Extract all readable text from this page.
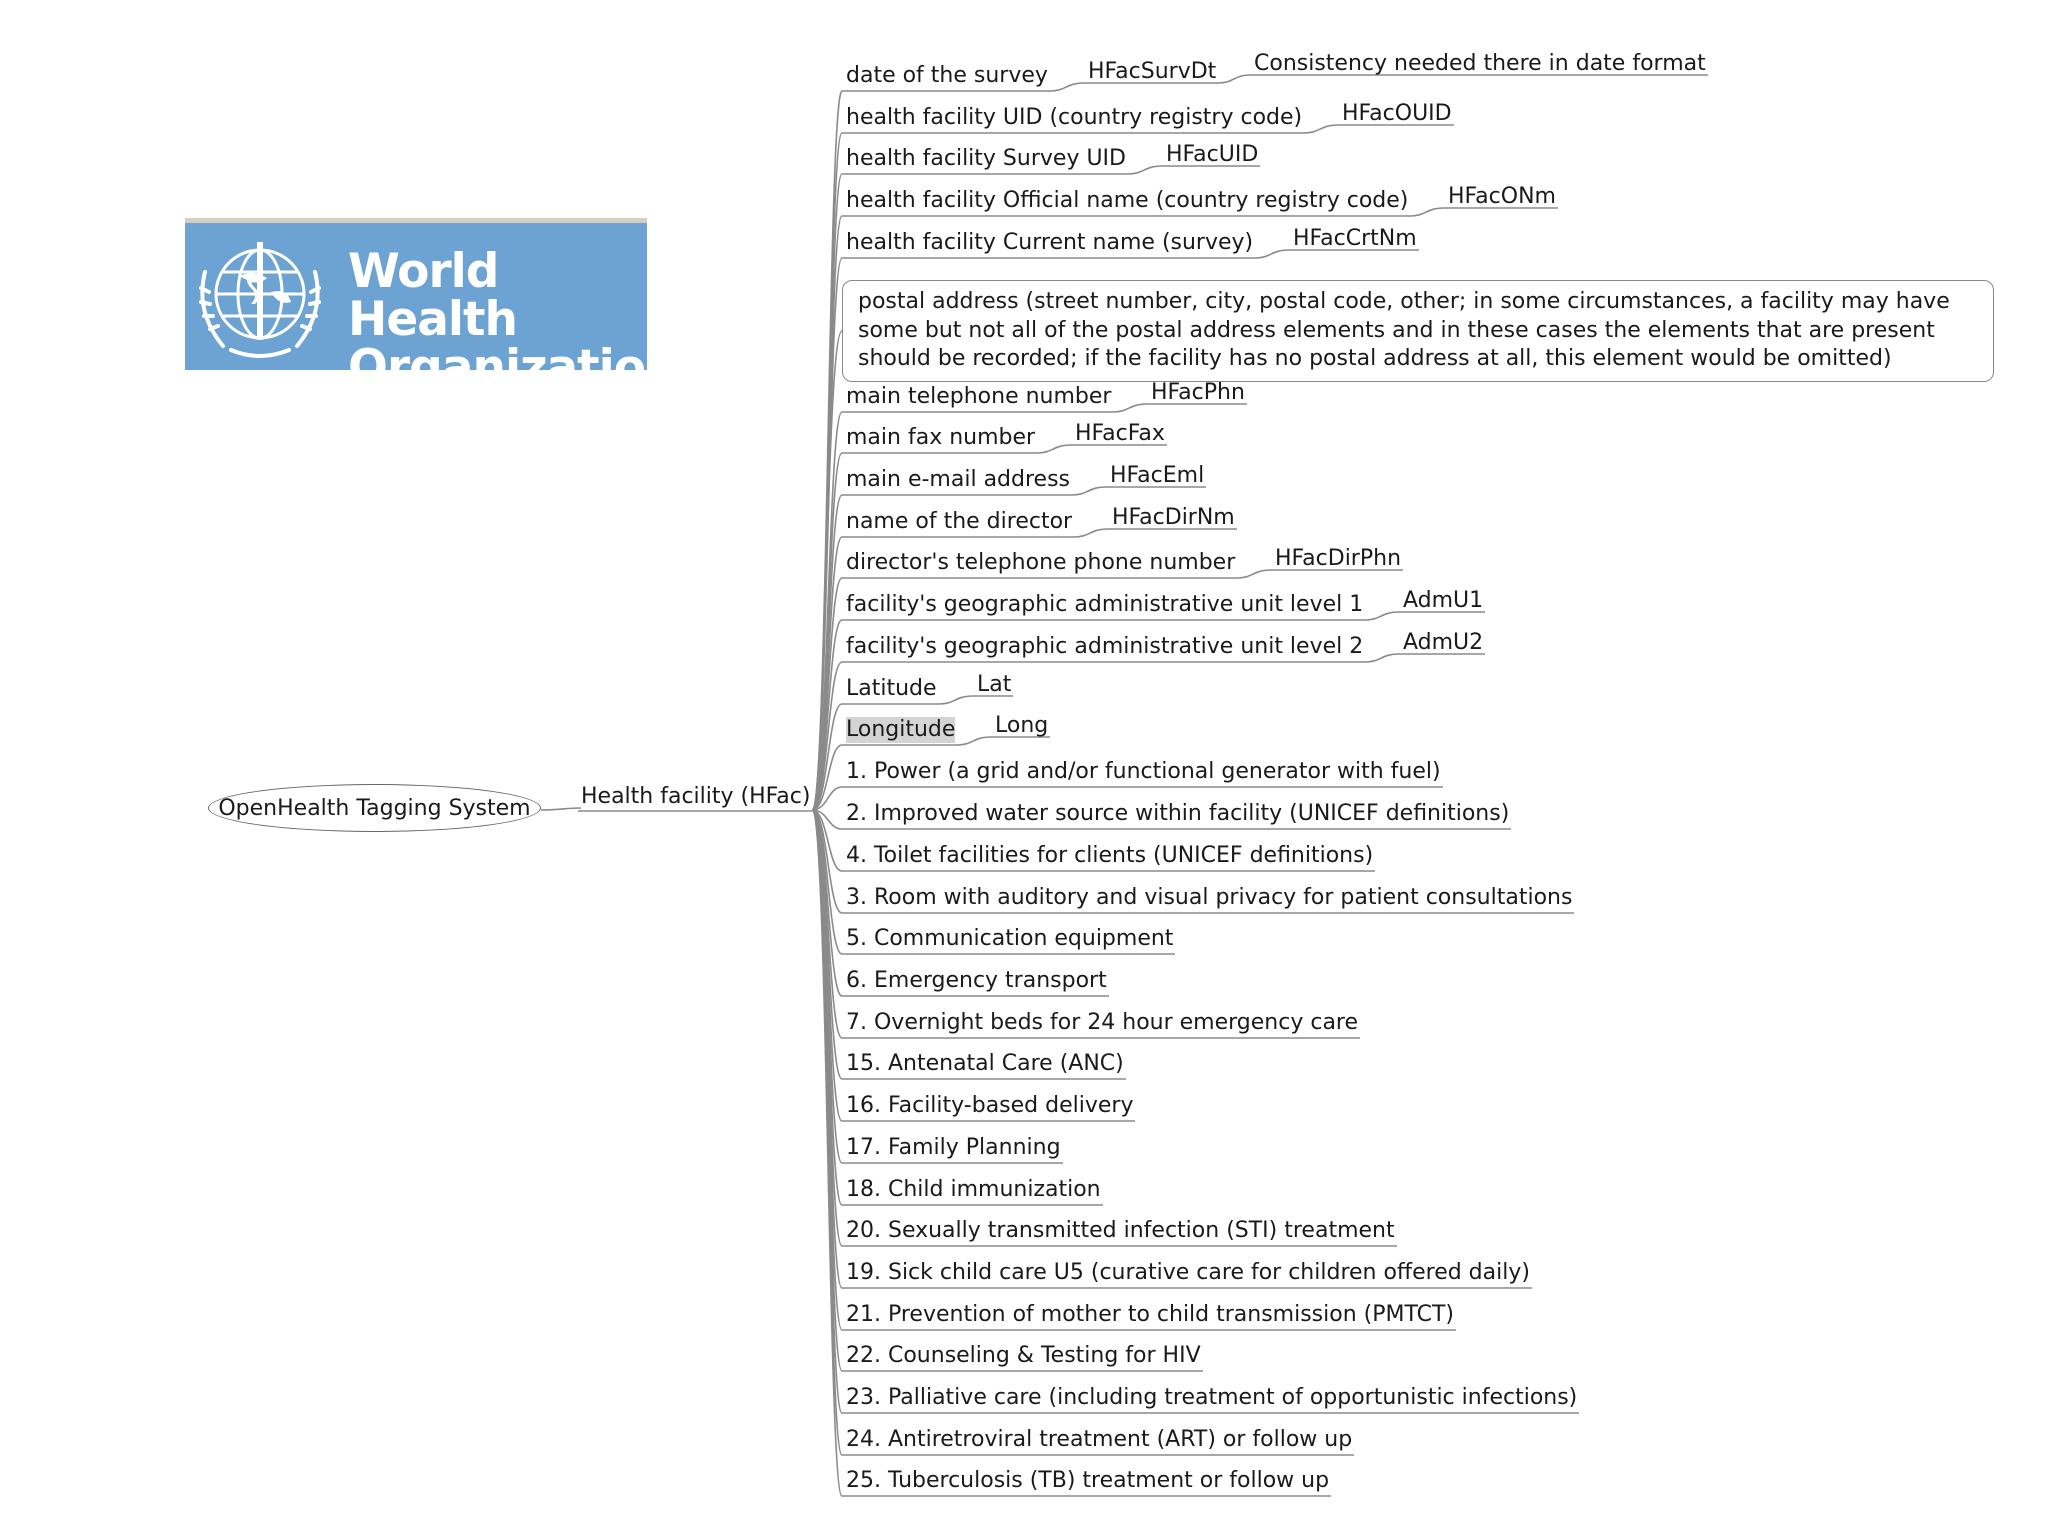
World Health
Organization
OpenHealth Tagging System Health facility (HFac)
date of the survey HFacSurvDt Consistency needed there in date format
health facility UID (country registry code) HFacOUID
health facility Survey UID HFacUID
health facility Official name (country registry code) HFacONm
health facility Current name (survey) HFacCrtNm
postal address (street number, city, postal code, other; in some circumstances, a facility may have
some but not all of the postal address elements and in these cases the elements that are present
should be recorded; if the facility has no postal address at all, this element would be omitted)
main telephone number HFacPhn
main fax number HFacFax
main e-mail address HFacEml
name of the director HFacDirNm
director's telephone phone number HFacDirPhn
facility's geographic administrative unit level 1 AdmU1
facility's geographic administrative unit level 2 AdmU2
Latitude Lat
Longitude Long
1. Power (a grid and/or functional generator with fuel)
2. Improved water source within facility (UNICEF definitions)
4. Toilet facilities for clients (UNICEF definitions)
3. Room with auditory and visual privacy for patient consultations
5. Communication equipment
6. Emergency transport
7. Overnight beds for 24 hour emergency care
15. Antenatal Care (ANC)
16. Facility-based delivery
17. Family Planning
18. Child immunization
20. Sexually transmitted infection (STI) treatment
19. Sick child care U5 (curative care for children offered daily)
21. Prevention of mother to child transmission (PMTCT)
22. Counseling & Testing for HIV
23. Palliative care (including treatment of opportunistic infections)
24. Antiretroviral treatment (ART) or follow up
25. Tuberculosis (TB) treatment or follow up
